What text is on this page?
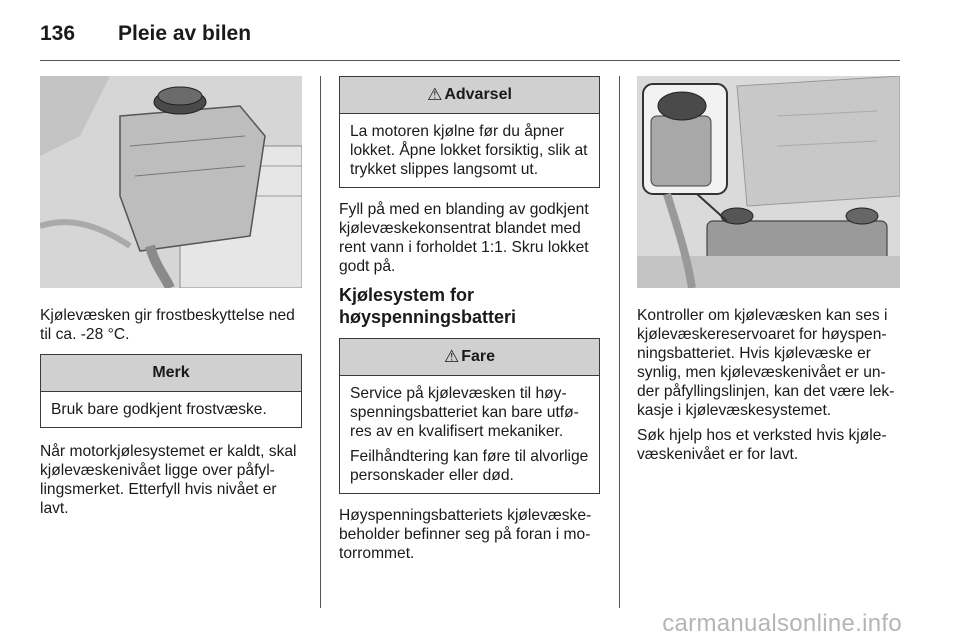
136	Pleie av bilen

Kjølevæsken gir frostbeskyttelse ned til ca. -28 °C.

Merk

Bruk bare godkjent frostvæske.

Når motorkjølesystemet er kaldt, skal kjølevæskenivået ligge over påfyl-lingsmerket. Etterfyll hvis nivået er lavt.

⚠ Advarsel

La motoren kjølne før du åpner lokket. Åpne lokket forsiktig, slik at trykket slippes langsomt ut.

Fyll på med en blanding av godkjent kjølevæskekonsentrat blandet med rent vann i forholdet 1:1. Skru lokket godt på.

Kjølesystem for høyspenningsbatteri
⚠ Fare

Service på kjølevæsken til høy-spenningsbatteriet kan bare utfø-res av en kvalifisert mekaniker.

Feilhåndtering kan føre til alvorlige personskader eller død.

Høyspenningsbatteriets kjølevæske-beholder befinner seg på foran i mo-torrommet.

Kontroller om kjølevæsken kan ses i kjølevæskereservoaret for høyspen-ningsbatteriet. Hvis kjølevæske er synlig, men kjølevæskenivået er un-der påfyllingslinjen, kan det være lek-kasje i kjølevæskesystemet.

Søk hjelp hos et verksted hvis kjøle-væskenivået er for lavt.

carmanualsonline.info
